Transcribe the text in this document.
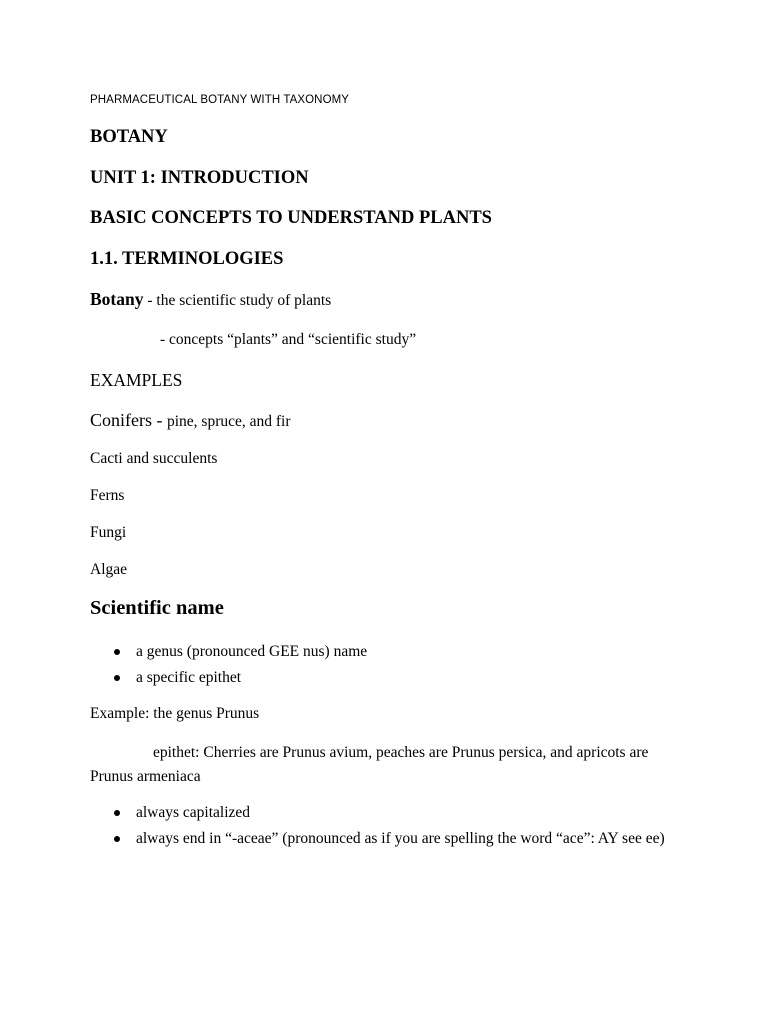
PHARMACEUTICAL BOTANY WITH TAXONOMY
BOTANY
UNIT 1: INTRODUCTION
BASIC CONCEPTS TO UNDERSTAND PLANTS
1.1. TERMINOLOGIES
Botany - the scientific study of plants
- concepts “plants” and “scientific study”
EXAMPLES
Conifers - pine, spruce, and fir
Cacti and succulents
Ferns
Fungi
Algae
Scientific name
a genus (pronounced GEE nus) name
a specific epithet
Example: the genus Prunus
epithet: Cherries are Prunus avium, peaches are Prunus persica, and apricots are Prunus armeniaca
always capitalized
always end in “-aceae” (pronounced as if you are spelling the word “ace”: AY see ee)
